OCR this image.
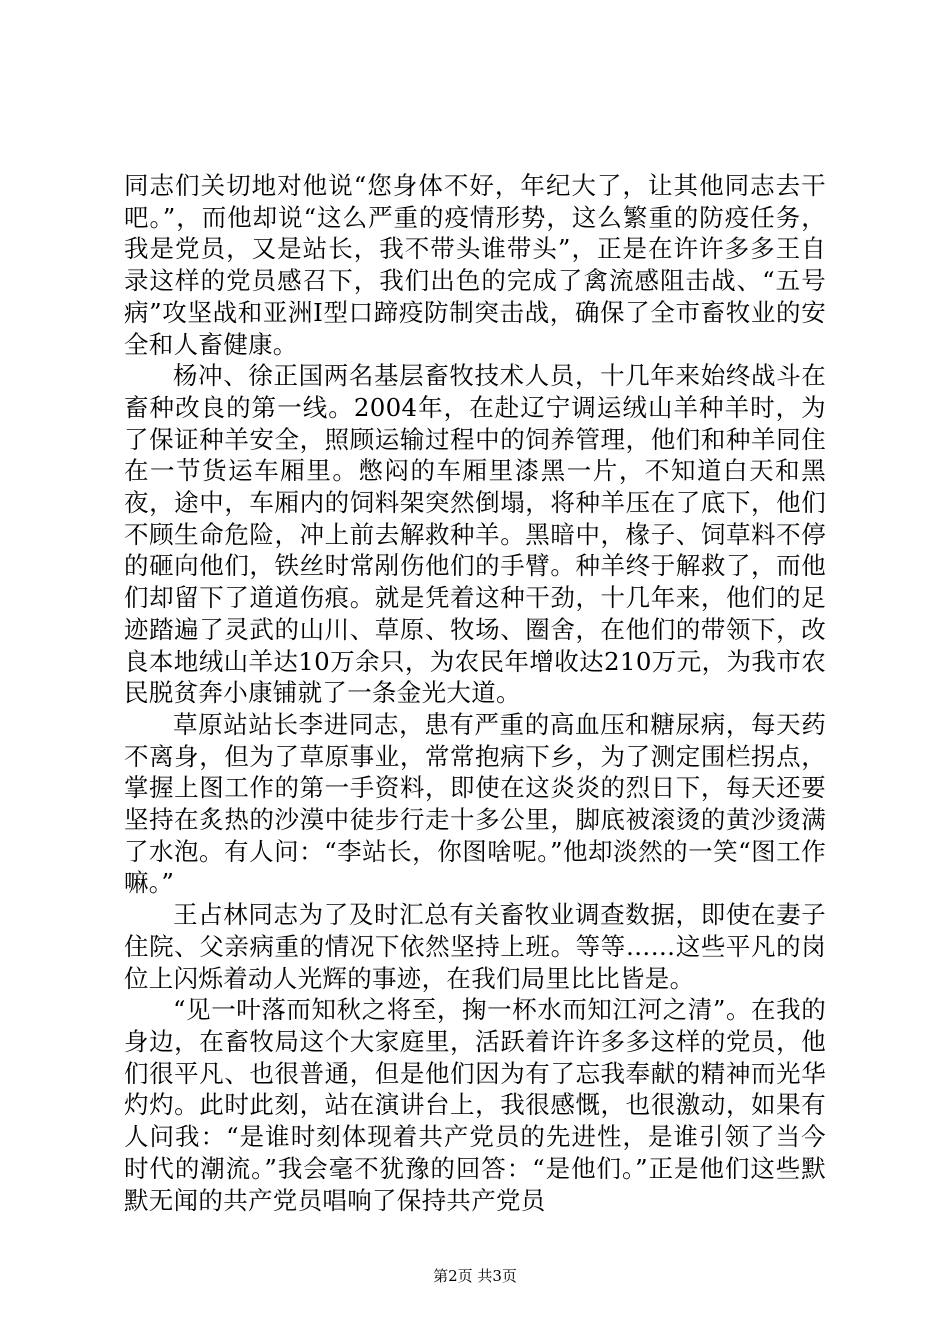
同志们关切地对他说“您身体不好，年纪大了，让其他同志去干吧。”，而他却说“这么严重的疫情形势，这么繁重的防疫任务，我是党员，又是站长，我不带头谁带头”，正是在许许多多王自录这样的党员感召下，我们出色的完成了禽流感阻击战、“五号病”攻坚战和亚洲Ⅰ型口蹄疫防制突击战，确保了全市畜牧业的安全和人畜健康。

杨冲、徐正国两名基层畜牧技术人员，十几年来始终战斗在畜种改良的第一线。2004年，在赴辽宁调运绒山羊种羊时，为了保证种羊安全，照顾运输过程中的饲养管理，他们和种羊同住在一节货运车厢里。憋闷的车厢里漆黑一片，不知道白天和黑夜，途中，车厢内的饲料架突然倒塌，将种羊压在了底下，他们不顾生命危险，冲上前去解救种羊。黑暗中，椽子、饲草料不停的砸向他们，铁丝时常剐伤他们的手臂。种羊终于解救了，而他们却留下了道道伤痕。就是凭着这种干劲，十几年来，他们的足迹踏遍了灵武的山川、草原、牧场、圈舍，在他们的带领下，改良本地绒山羊达10万余只，为农民年增收达210万元，为我市农民脱贫奔小康铺就了一条金光大道。

草原站站长李进同志，患有严重的高血压和糖尿病，每天药不离身，但为了草原事业，常常抱病下乡，为了测定围栏拐点，掌握上图工作的第一手资料，即使在这炎炎的烈日下，每天还要坚持在炙热的沙漠中徒步行走十多公里，脚底被滚烫的黄沙烫满了水泡。有人问：“李站长，你图啥呢。”他却淡然的一笑“图工作嘛。”

王占林同志为了及时汇总有关畜牧业调查数据，即使在妻子住院、父亲病重的情况下依然坚持上班。等等……这些平凡的岗位上闪烁着动人光辉的事迹，在我们局里比比皆是。

“见一叶落而知秋之将至，掬一杯水而知江河之清”。在我的身边，在畜牧局这个大家庭里，活跃着许许多多这样的党员，他们很平凡、也很普通，但是他们因为有了忘我奉献的精神而光华灼灼。此时此刻，站在演讲台上，我很感慨，也很激动，如果有人问我：“是谁时刻体现着共产党员的先进性，是谁引领了当今时代的潮流。”我会毫不犹豫的回答：“是他们。”正是他们这些默默无闻的共产党员唱响了保持共产党员

第2页 共3页
